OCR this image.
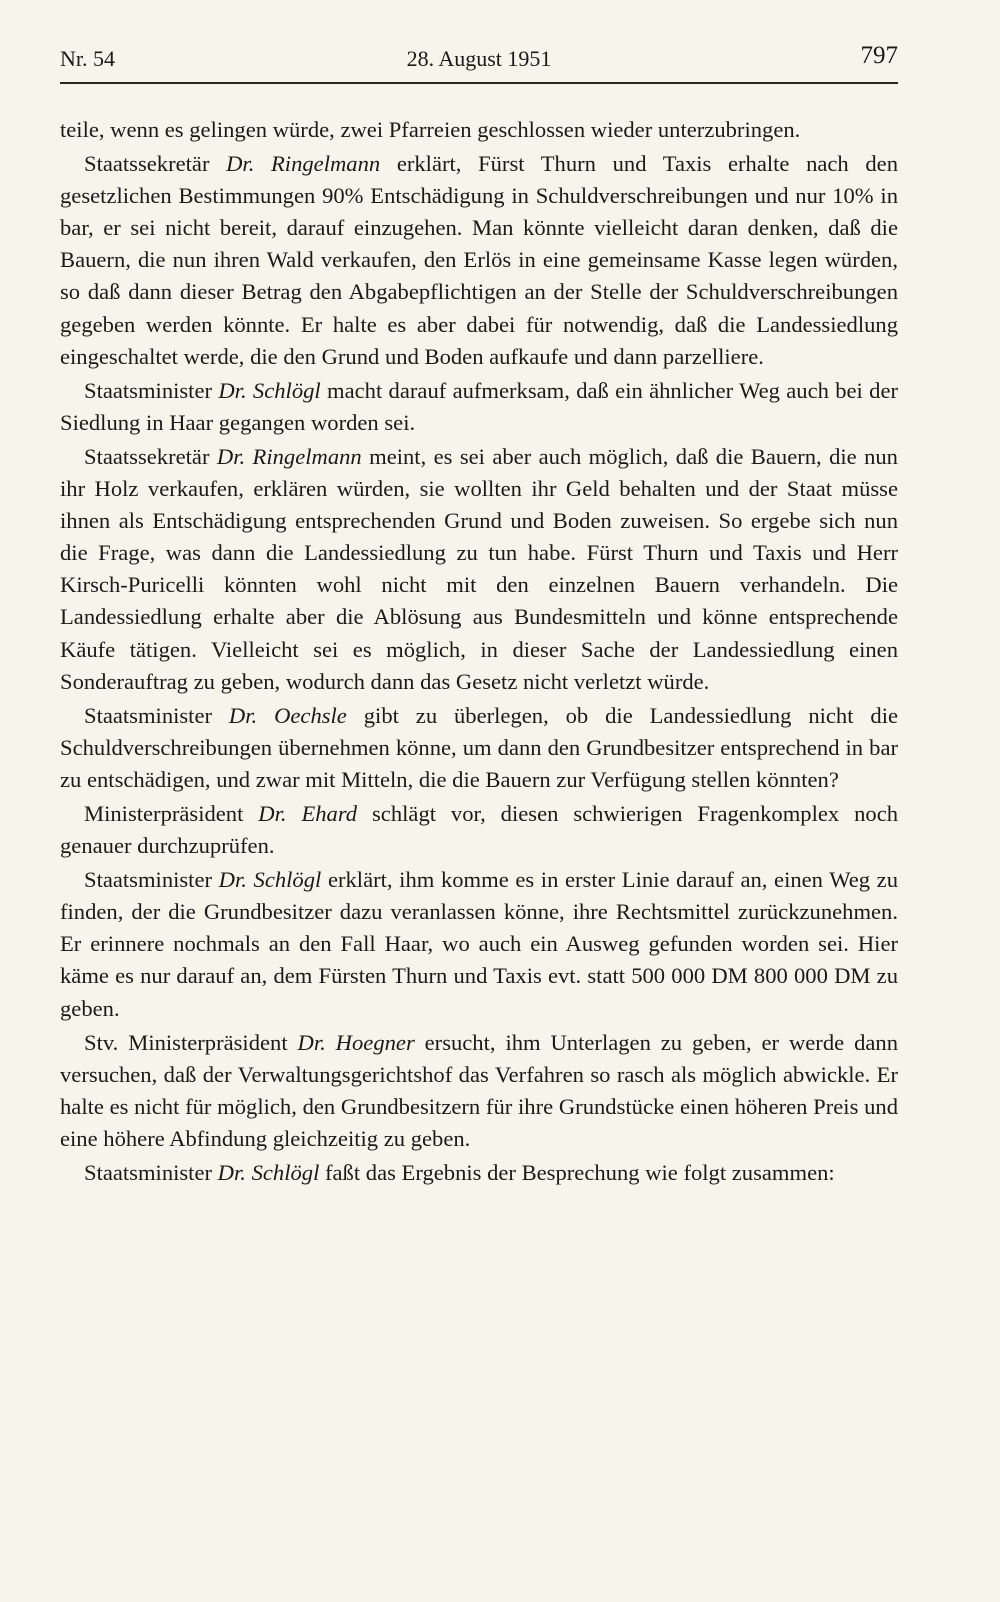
Nr. 54	28. August 1951	797

teile, wenn es gelingen würde, zwei Pfarreien geschlossen wieder unterzubringen.

Staatssekretär Dr. Ringelmann erklärt, Fürst Thurn und Taxis erhalte nach den gesetzlichen Bestimmungen 90% Entschädigung in Schuldverschreibungen und nur 10% in bar, er sei nicht bereit, darauf einzugehen. Man könnte vielleicht daran denken, daß die Bauern, die nun ihren Wald verkaufen, den Erlös in eine gemeinsame Kasse legen würden, so daß dann dieser Betrag den Abgabepflichtigen an der Stelle der Schuldverschreibungen gegeben werden könnte. Er halte es aber dabei für notwendig, daß die Landessiedlung eingeschaltet werde, die den Grund und Boden aufkaufe und dann parzelliere.

Staatsminister Dr. Schlögl macht darauf aufmerksam, daß ein ähnlicher Weg auch bei der Siedlung in Haar gegangen worden sei.

Staatssekretär Dr. Ringelmann meint, es sei aber auch möglich, daß die Bauern, die nun ihr Holz verkaufen, erklären würden, sie wollten ihr Geld behalten und der Staat müsse ihnen als Entschädigung entsprechenden Grund und Boden zuweisen. So ergebe sich nun die Frage, was dann die Landessiedlung zu tun habe. Fürst Thurn und Taxis und Herr Kirsch-Puricelli könnten wohl nicht mit den einzelnen Bauern verhandeln. Die Landessiedlung erhalte aber die Ablösung aus Bundesmitteln und könne entsprechende Käufe tätigen. Vielleicht sei es möglich, in dieser Sache der Landessiedlung einen Sonderauftrag zu geben, wodurch dann das Gesetz nicht verletzt würde.

Staatsminister Dr. Oechsle gibt zu überlegen, ob die Landessiedlung nicht die Schuldverschreibungen übernehmen könne, um dann den Grundbesitzer entsprechend in bar zu entschädigen, und zwar mit Mitteln, die die Bauern zur Verfügung stellen könnten?

Ministerpräsident Dr. Ehard schlägt vor, diesen schwierigen Fragenkomplex noch genauer durchzuprüfen.

Staatsminister Dr. Schlögl erklärt, ihm komme es in erster Linie darauf an, einen Weg zu finden, der die Grundbesitzer dazu veranlassen könne, ihre Rechtsmittel zurückzunehmen. Er erinnere nochmals an den Fall Haar, wo auch ein Ausweg gefunden worden sei. Hier käme es nur darauf an, dem Fürsten Thurn und Taxis evt. statt 500 000 DM 800 000 DM zu geben.

Stv. Ministerpräsident Dr. Hoegner ersucht, ihm Unterlagen zu geben, er werde dann versuchen, daß der Verwaltungsgerichtshof das Verfahren so rasch als möglich abwickle. Er halte es nicht für möglich, den Grundbesitzern für ihre Grundstücke einen höheren Preis und eine höhere Abfindung gleichzeitig zu geben.

Staatsminister Dr. Schlögl faßt das Ergebnis der Besprechung wie folgt zusammen:
